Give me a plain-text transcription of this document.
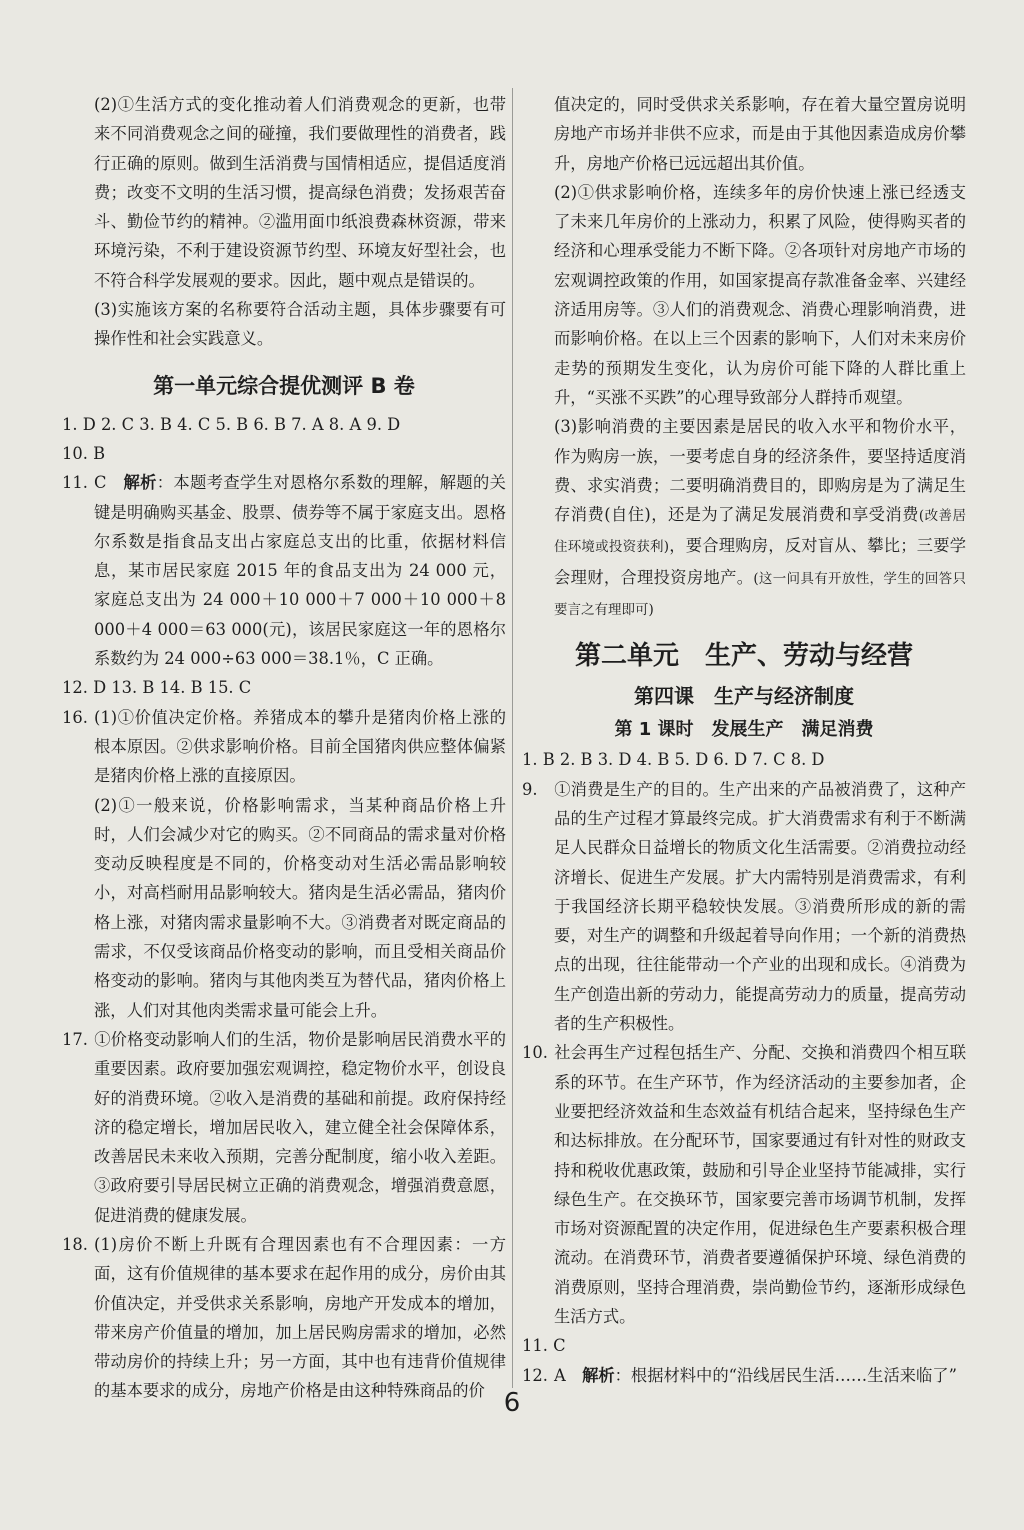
(2)①生活方式的变化推动着人们消费观念的更新，也带来不同消费观念之间的碰撞，我们要做理性的消费者，践行正确的原则。做到生活消费与国情相适应，提倡适度消费；改变不文明的生活习惯，提高绿色消费；发扬艰苦奋斗、勤俭节约的精神。②滥用面巾纸浪费森林资源，带来环境污染，不利于建设资源节约型、环境友好型社会，也不符合科学发展观的要求。因此，题中观点是错误的。
(3)实施该方案的名称要符合活动主题，具体步骤要有可操作性和社会实践意义。
第一单元综合提优测评 B 卷
1. D 2. C 3. B 4. C 5. B 6. B 7. A 8. A 9. D
10. B
11. C　 解析：本题考查学生对恩格尔系数的理解，解题的关键是明确购买基金、股票、债券等不属于家庭支出。恩格尔系数是指食品支出占家庭总支出的比重，依据材料信息，某市居民家庭 2015 年的食品支出为 24 000 元，家庭总支出为 24 000＋10 000＋7 000＋10 000＋8 000＋4 000＝63 000(元)，该居民家庭这一年的恩格尔系数约为 24 000÷63 000＝38.1％，C 正确。
12. D 13. B 14. B 15. C
16. (1)①价值决定价格。养猪成本的攀升是猪肉价格上涨的根本原因。②供求影响价格。目前全国猪肉供应整体偏紧是猪肉价格上涨的直接原因。
(2)①一般来说，价格影响需求，当某种商品价格上升时，人们会减少对它的购买。②不同商品的需求量对价格变动反映程度是不同的，价格变动对生活必需品影响较小，对高档耐用品影响较大。猪肉是生活必需品，猪肉价格上涨，对猪肉需求量影响不大。③消费者对既定商品的需求，不仅受该商品价格变动的影响，而且受相关商品价格变动的影响。猪肉与其他肉类互为替代品，猪肉价格上涨，人们对其他肉类需求量可能会上升。
17. ①价格变动影响人们的生活，物价是影响居民消费水平的重要因素。政府要加强宏观调控，稳定物价水平，创设良好的消费环境。②收入是消费的基础和前提。政府保持经济的稳定增长，增加居民收入，建立健全社会保障体系，改善居民未来收入预期，完善分配制度，缩小收入差距。③政府要引导居民树立正确的消费观念，增强消费意愿，促进消费的健康发展。
18. (1)房价不断上升既有合理因素也有不合理因素：一方面，这有价值规律的基本要求在起作用的成分，房价由其价值决定，并受供求关系影响，房地产开发成本的增加，带来房产价值量的增加，加上居民购房需求的增加，必然带动房价的持续上升；另一方面，其中也有违背价值规律的基本要求的成分，房地产价格是由这种特殊商品的价
值决定的，同时受供求关系影响，存在着大量空置房说明房地产市场并非供不应求，而是由于其他因素造成房价攀升，房地产价格已远远超出其价值。
(2)①供求影响价格，连续多年的房价快速上涨已经透支了未来几年房价的上涨动力，积累了风险，使得购买者的经济和心理承受能力不断下降。②各项针对房地产市场的宏观调控政策的作用，如国家提高存款准备金率、兴建经济适用房等。③人们的消费观念、消费心理影响消费，进而影响价格。在以上三个因素的影响下，人们对未来房价走势的预期发生变化，认为房价可能下降的人群比重上升，“买涨不买跌”的心理导致部分人群持币观望。
(3)影响消费的主要因素是居民的收入水平和物价水平，作为购房一族，一要考虑自身的经济条件，要坚持适度消费、求实消费；二要明确消费目的，即购房是为了满足生存消费(自住)，还是为了满足发展消费和享受消费(改善居住环境或投资获利)，要合理购房，反对盲从、攀比；三要学会理财，合理投资房地产。(这一问具有开放性，学生的回答只要言之有理即可)
第二单元　生产、劳动与经营
第四课　生产与经济制度
第 1 课时　发展生产　满足消费
1. B 2. B 3. D 4. B 5. D 6. D 7. C 8. D
9. ①消费是生产的目的。生产出来的产品被消费了，这种产品的生产过程才算最终完成。扩大消费需求有利于不断满足人民群众日益增长的物质文化生活需要。②消费拉动经济增长、促进生产发展。扩大内需特别是消费需求，有利于我国经济长期平稳较快发展。③消费所形成的新的需要，对生产的调整和升级起着导向作用；一个新的消费热点的出现，往往能带动一个产业的出现和成长。④消费为生产创造出新的劳动力，能提高劳动力的质量，提高劳动者的生产积极性。
10. 社会再生产过程包括生产、分配、交换和消费四个相互联系的环节。在生产环节，作为经济活动的主要参加者，企业要把经济效益和生态效益有机结合起来，坚持绿色生产和达标排放。在分配环节，国家要通过有针对性的财政支持和税收优惠政策，鼓励和引导企业坚持节能减排，实行绿色生产。在交换环节，国家要完善市场调节机制，发挥市场对资源配置的决定作用，促进绿色生产要素积极合理流动。在消费环节，消费者要遵循保护环境、绿色消费的消费原则，坚持合理消费，崇尚勤俭节约，逐渐形成绿色生活方式。
11. C
12. A　 解析：根据材料中的“沿线居民生活……生活来临了”
6
